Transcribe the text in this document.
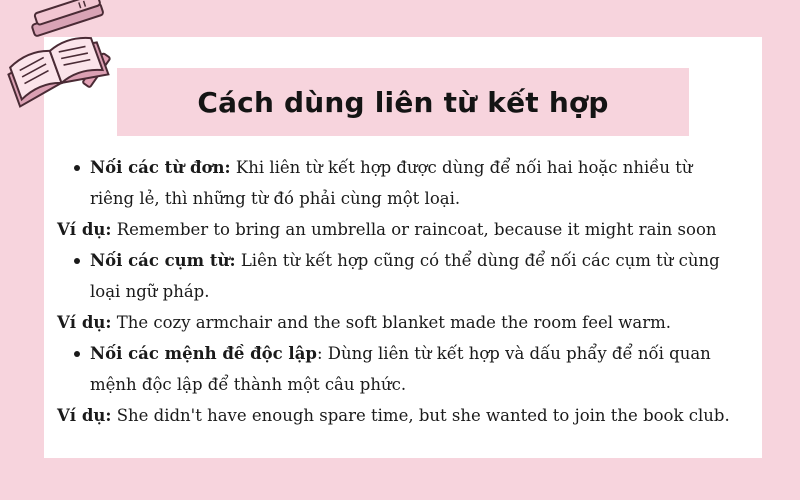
Cách dùng liên từ kết hợp
Nối các từ đơn: Khi liên từ kết hợp được dùng để nối hai hoặc nhiều từ
riêng lẻ, thì những từ đó phải cùng một loại.

Ví dụ: Remember to bring an umbrella or raincoat, because it might rain soon

Nối các cụm từ: Liên từ kết hợp cũng có thể dùng để nối các cụm từ cùng
loại ngữ pháp.

Ví dụ: The cozy armchair and the soft blanket made the room feel warm.

Nối các mệnh đề độc lập: Dùng liên từ kết hợp và dấu phẩy để nối quan
mệnh độc lập để thành một câu phức.

Ví dụ: She didn't have enough spare time, but she wanted to join the book club.
